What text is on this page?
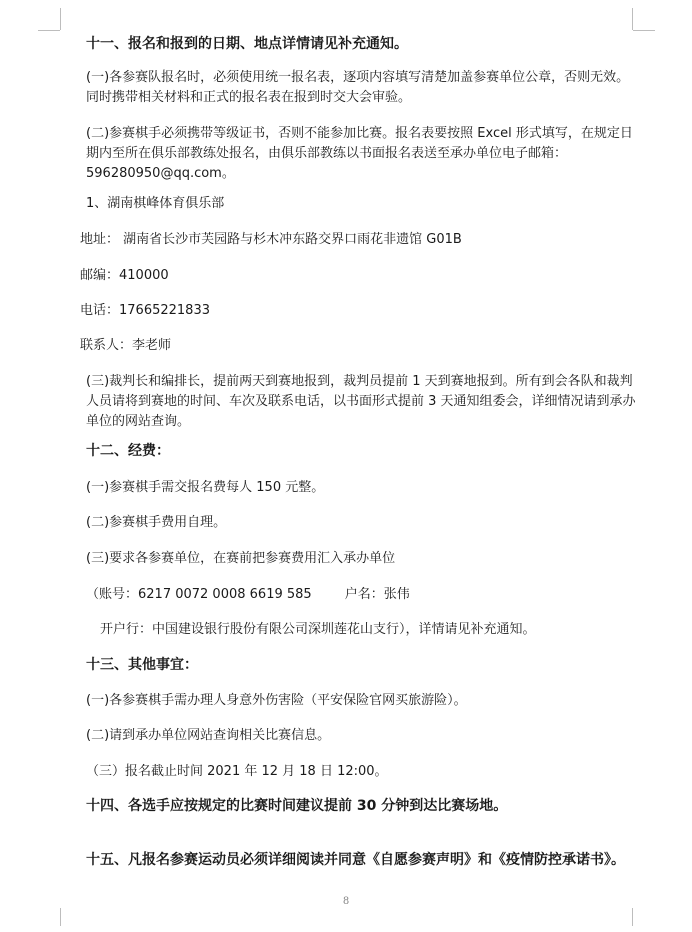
十一、报名和报到的日期、地点详情请见补充通知。

(一)各参赛队报名时，必须使用统一报名表，逐项内容填写清楚加盖参赛单位公章，否则无效。同时携带相关材料和正式的报名表在报到时交大会审验。

(二)参赛棋手必须携带等级证书，否则不能参加比赛。报名表要按照 Excel 形式填写，在规定日期内至所在俱乐部教练处报名，由俱乐部教练以书面报名表送至承办单位电子邮箱：596280950@qq.com。

1、湖南棋峰体育俱乐部

地址： 湖南省长沙市芙园路与杉木冲东路交界口雨花非遗馆 G01B

邮编：410000

电话：17665221833

联系人：李老师

(三)裁判长和编排长，提前两天到赛地报到，裁判员提前 1 天到赛地报到。所有到会各队和裁判人员请将到赛地的时间、车次及联系电话，以书面形式提前 3 天通知组委会，详细情况请到承办单位的网站查询。

十二、经费：

(一)参赛棋手需交报名费每人 150 元整。

(二)参赛棋手费用自理。

(三)要求各参赛单位，在赛前把参赛费用汇入承办单位

（账号：6217 0072 0008 6619 585        户名：张伟

开户行：中国建设银行股份有限公司深圳莲花山支行），详情请见补充通知。

十三、其他事宜：

(一)各参赛棋手需办理人身意外伤害险（平安保险官网买旅游险）。

(二)请到承办单位网站查询相关比赛信息。

（三）报名截止时间 2021 年 12 月 18 日 12:00。

十四、各选手应按规定的比赛时间建议提前 30 分钟到达比赛场地。

十五、凡报名参赛运动员必须详细阅读并同意《自愿参赛声明》和《疫情防控承诺书》。

8
